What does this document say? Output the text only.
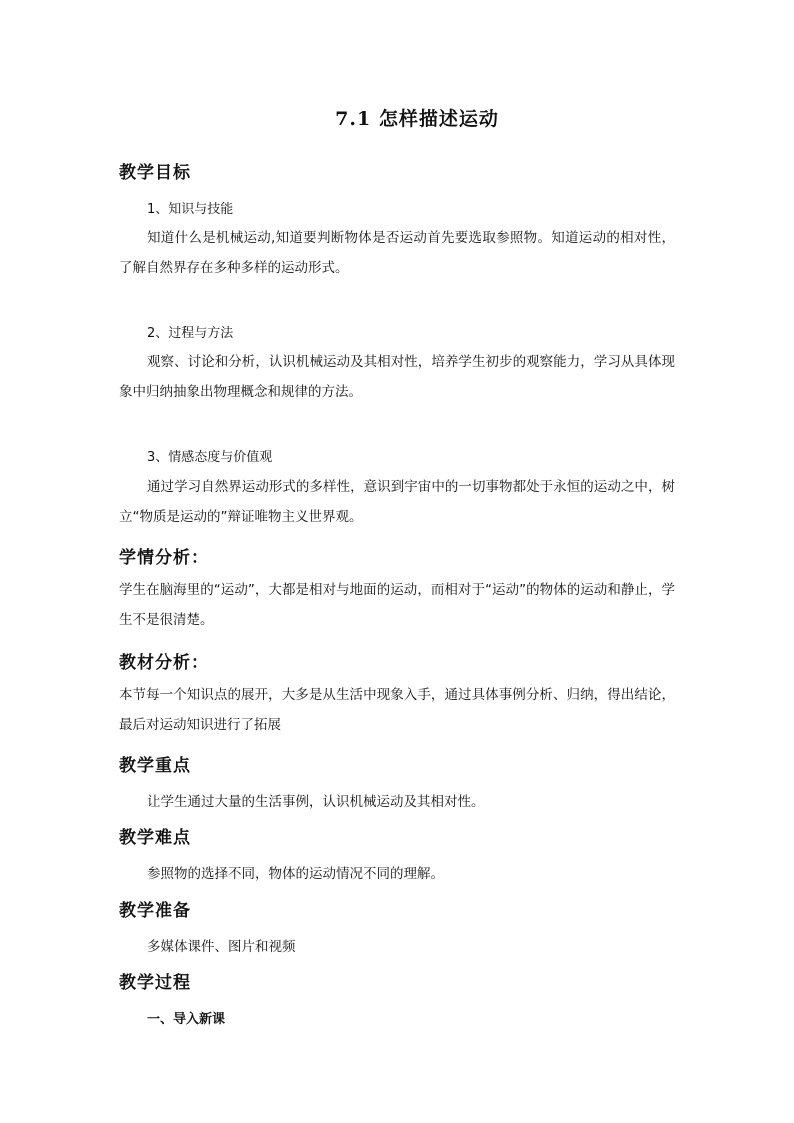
7.1 怎样描述运动
教学目标
1、知识与技能
知道什么是机械运动,知道要判断物体是否运动首先要选取参照物。知道运动的相对性，了解自然界存在多种多样的运动形式。
2、过程与方法
观察、讨论和分析，认识机械运动及其相对性，培养学生初步的观察能力，学习从具体现象中归纳抽象出物理概念和规律的方法。
3、情感态度与价值观
通过学习自然界运动形式的多样性，意识到宇宙中的一切事物都处于永恒的运动之中，树立“物质是运动的”辩证唯物主义世界观。
学情分析：
学生在脑海里的“运动”，大都是相对与地面的运动，而相对于“运动”的物体的运动和静止，学生不是很清楚。
教材分析：
本节每一个知识点的展开，大多是从生活中现象入手，通过具体事例分析、归纳，得出结论，最后对运动知识进行了拓展
教学重点
让学生通过大量的生活事例，认识机械运动及其相对性。
教学难点
参照物的选择不同，物体的运动情况不同的理解。
教学准备
多媒体课件、图片和视频
教学过程
一、导入新课
